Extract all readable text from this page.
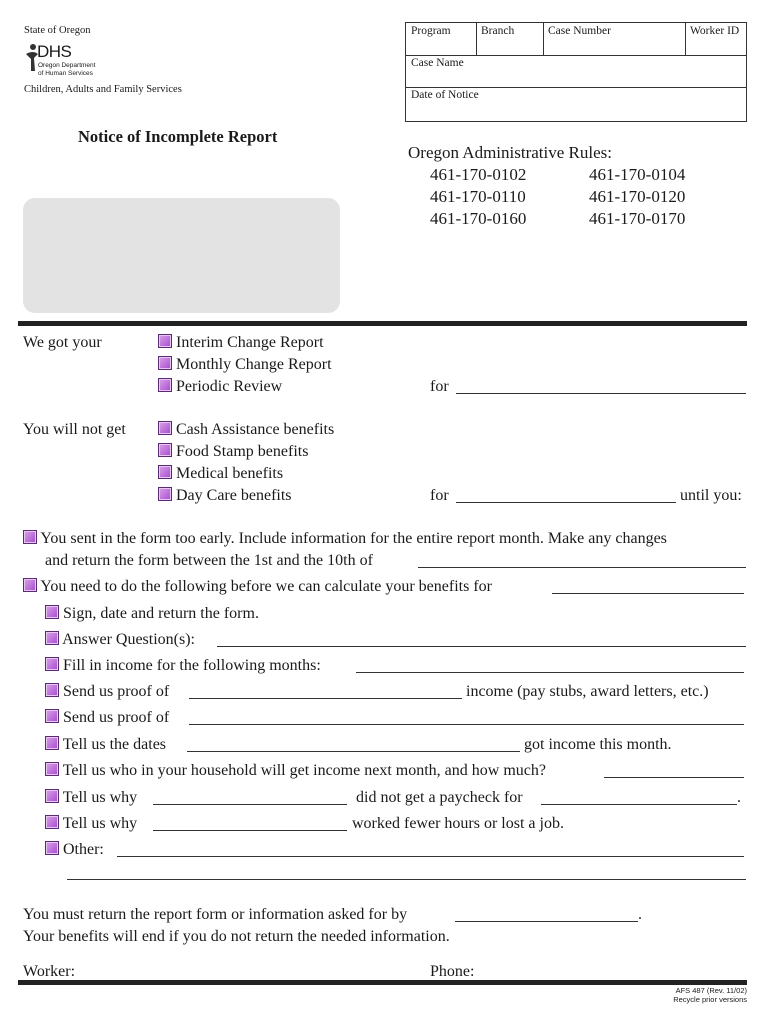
State of Oregon
DHS
Oregon Department
of Human Services
Children, Adults and Family Services
Program	Branch	Case Number	Worker ID
Case Name
Date of Notice
Notice of Incomplete Report
Oregon Administrative Rules:
461-170-0102	461-170-0104
461-170-0110	461-170-0120
461-170-0160	461-170-0170
We got your	Interim Change Report
Monthly Change Report
Periodic Review	for
You will not get	Cash Assistance benefits
Food Stamp benefits
Medical benefits
Day Care benefits	for	until you:
You sent in the form too early. Include information for the entire report month. Make any changes
and return the form between the 1st and the 10th of
You need to do the following before we can calculate your benefits for
Sign, date and return the form.
Answer Question(s):
Fill in income for the following months:
Send us proof of	income (pay stubs, award letters, etc.)
Send us proof of
Tell us the dates	got income this month.
Tell us who in your household will get income next month, and how much?
Tell us why	did not get a paycheck for	.
Tell us why	worked fewer hours or lost a job.
Other:
You must return the report form or information asked for by	.
Your benefits will end if you do not return the needed information.
Worker:	Phone:
AFS 487 (Rev. 11/02)
Recycle prior versions
